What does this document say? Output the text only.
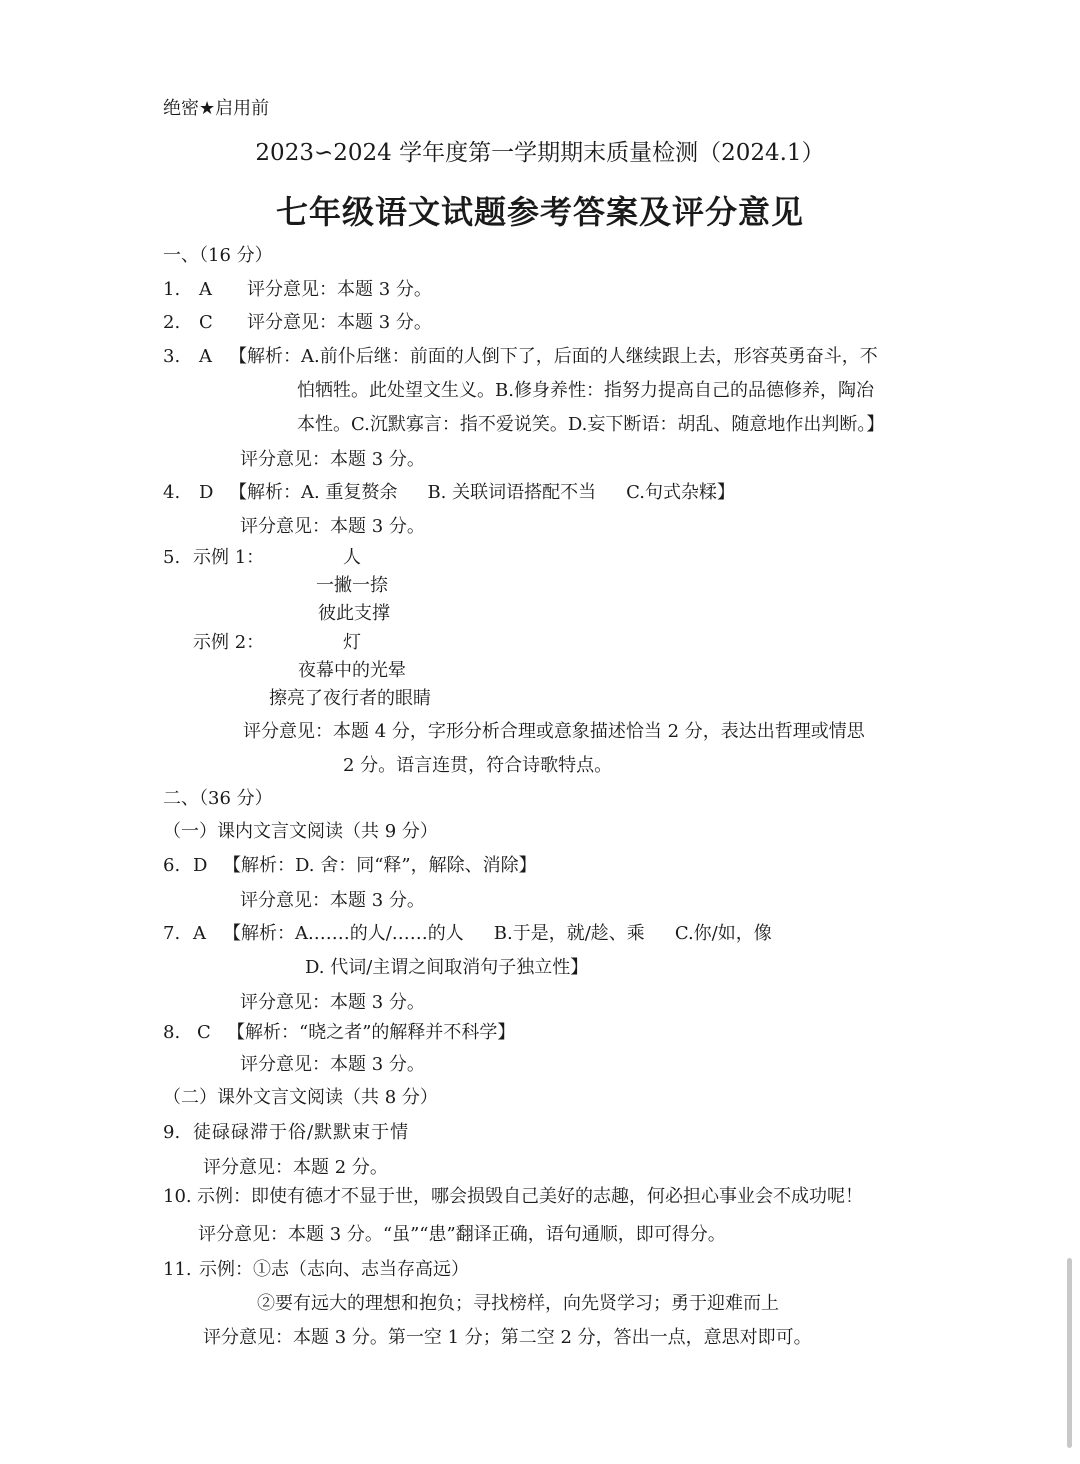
绝密★启用前
2023∽2024 学年度第一学期期末质量检测（2024.1）
七年级语文试题参考答案及评分意见
一、（16 分）
1. A 评分意见：本题 3 分。
2. C 评分意见：本题 3 分。
3. A 【解析：A.前仆后继：前面的人倒下了，后面的人继续跟上去，形容英勇奋斗，不
怕牺牲。此处望文生义。B.修身养性：指努力提高自己的品德修养，陶冶
本性。C.沉默寡言：指不爱说笑。D.妄下断语：胡乱、随意地作出判断。】
评分意见：本题 3 分。
4. D 【解析：A. 重复赘余 B. 关联词语搭配不当 C.句式杂糅】
评分意见：本题 3 分。
5. 示例 1：	人
一撇一捺
彼此支撑
示例 2：	灯
夜幕中的光晕
擦亮了夜行者的眼睛
评分意见：本题 4 分，字形分析合理或意象描述恰当 2 分，表达出哲理或情思
2 分。语言连贯，符合诗歌特点。
二、（36 分）
（一）课内文言文阅读（共 9 分）
6. D 【解析：D. 舍：同“释”，解除、消除】
评分意见：本题 3 分。
7. A 【解析：A.……的人/……的人 B.于是，就/趁、乘 C.你/如，像
D. 代词/主谓之间取消句子独立性】
评分意见：本题 3 分。
8. C 【解析：“晓之者”的解释并不科学】
评分意见：本题 3 分。
（二）课外文言文阅读（共 8 分）
9. 徒碌碌滞于俗/默默束于情
评分意见：本题 2 分。
10. 示例：即使有德才不显于世，哪会损毁自己美好的志趣，何必担心事业会不成功呢！
评分意见：本题 3 分。“虽”“患”翻译正确，语句通顺，即可得分。
11. 示例：①志（志向、志当存高远）
②要有远大的理想和抱负；寻找榜样，向先贤学习；勇于迎难而上
评分意见：本题 3 分。第一空 1 分；第二空 2 分，答出一点，意思对即可。
